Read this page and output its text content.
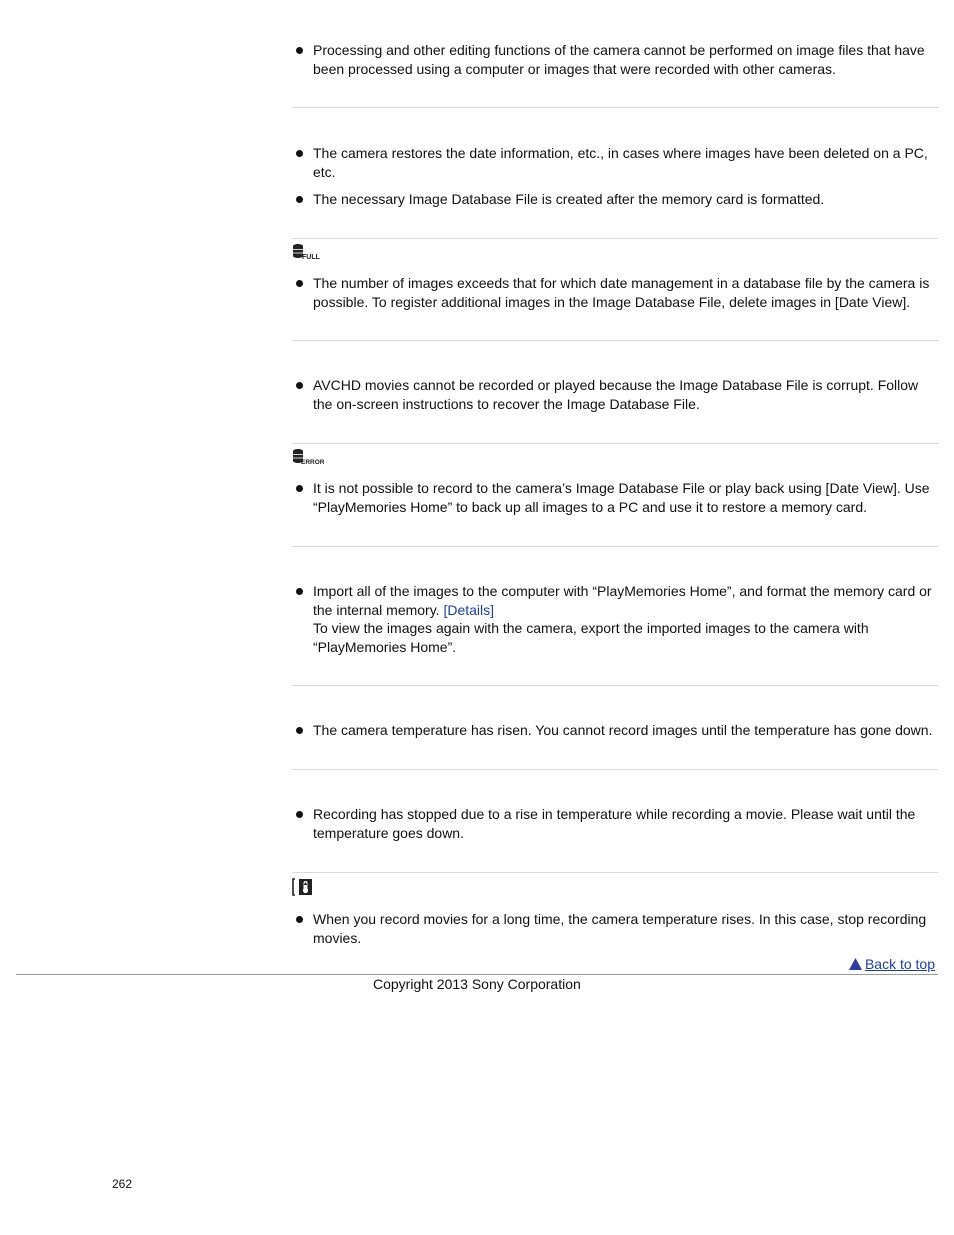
Processing and other editing functions of the camera cannot be performed on image files that have been processed using a computer or images that were recorded with other cameras.
The camera restores the date information, etc., in cases where images have been deleted on a PC, etc.
The necessary Image Database File is created after the memory card is formatted.
FULL
The number of images exceeds that for which date management in a database file by the camera is possible. To register additional images in the Image Database File, delete images in [Date View].
AVCHD movies cannot be recorded or played because the Image Database File is corrupt. Follow the on-screen instructions to recover the Image Database File.
ERROR
It is not possible to record to the camera’s Image Database File or play back using [Date View]. Use “PlayMemories Home” to back up all images to a PC and use it to restore a memory card.
Import all of the images to the computer with “PlayMemories Home”, and format the memory card or the internal memory. [Details]
To view the images again with the camera, export the imported images to the camera with “PlayMemories Home”.
The camera temperature has risen. You cannot record images until the temperature has gone down.
Recording has stopped due to a rise in temperature while recording a movie. Please wait until the temperature goes down.
When you record movies for a long time, the camera temperature rises. In this case, stop recording movies.
Back to top
Copyright 2013 Sony Corporation
262
